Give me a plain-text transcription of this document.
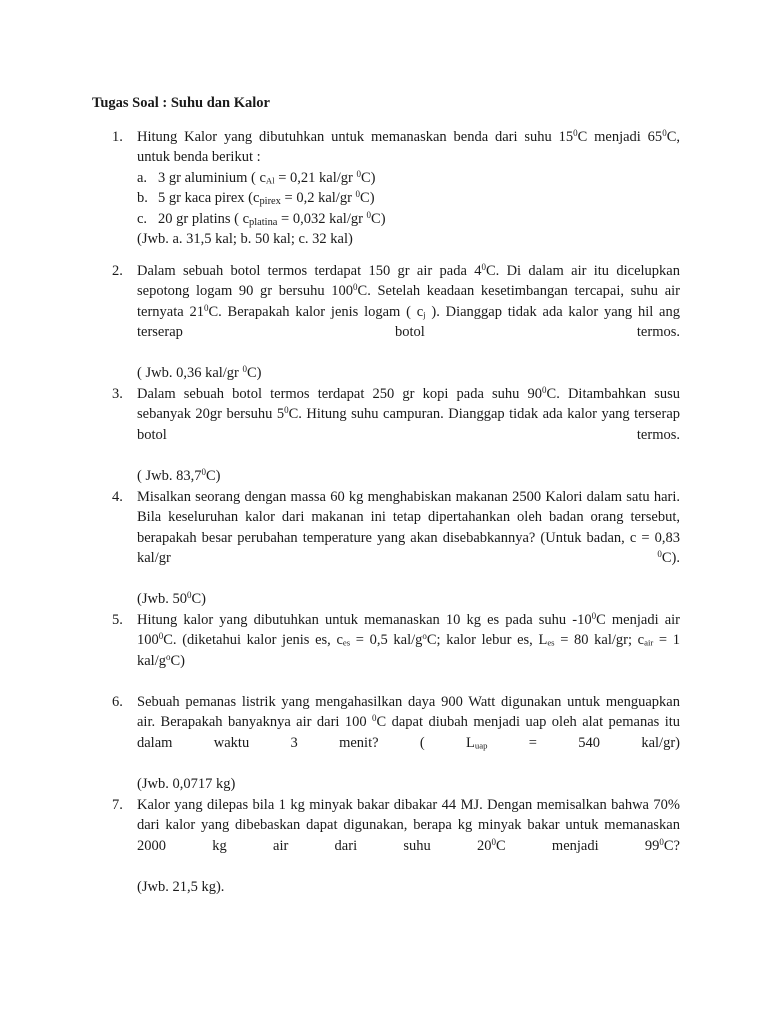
Tugas Soal : Suhu dan Kalor
1. Hitung Kalor yang dibutuhkan untuk memanaskan benda dari suhu $15^0C$ menjadi $65^0C$,
untuk benda berikut :
a. 3 gr aluminium ( $c_{Al} = 0,21$ kal/gr $^0$C)
b. 5 gr kaca pirex ($c_{pirex} = 0,2$ kal/gr $^0$C)
c. 20 gr platins ( $c_{platina} = 0,032$ kal/gr $^0$C)
(Jwb. a. 31,5 kal; b. 50 kal; c. 32 kal)
2. Dalam sebuah botol termos terdapat 150 gr air pada $4^0C$. Di dalam air itu dicelupkan sepotong logam 90 gr bersuhu $100^0C$. Setelah keadaan kesetimbangan tercapai, suhu air ternyata $21^0C$. Berapakah kalor jenis logam ( $c_j$ ). Dianggap tidak ada kalor yang hil ang terserap botol termos.
( Jwb. 0,36 kal/gr $^0$C)
3. Dalam sebuah botol termos terdapat 250 gr kopi pada suhu $90^0C$. Ditambahkan susu sebanyak 20gr bersuhu $5^0C$. Hitung suhu campuran. Dianggap tidak ada kalor yang terserap botol termos.
( Jwb. 83,7$^0$C)
4. Misalkan seorang dengan massa 60 kg menghabiskan makanan 2500 Kalori dalam satu hari. Bila keseluruhan kalor dari makanan ini tetap dipertahankan oleh badan orang tersebut, berapakah besar perubahan temperature yang akan disebabkannya? (Untuk badan, c = 0,83 kal/gr $^0$C).
(Jwb. $50^0C$)
5. Hitung kalor yang dibutuhkan untuk memanaskan 10 kg es pada suhu $-10^0C$ menjadi air $100^0C$. (diketahui kalor jenis es, $c_{es} = 0,5$ kal/$g^oC$; kalor lebur es, $L_{es} = 80$ kal/gr; $c_{air} = 1$ kal/$g^oC$)
6. Sebuah pemanas listrik yang mengahasilkan daya 900 Watt digunakan untuk menguapkan air. Berapakah banyaknya air dari 100 $^0$C dapat diubah menjadi uap oleh alat pemanas itu dalam waktu 3 menit? ( $L_{uap} = 540$ kal/gr)
(Jwb. 0,0717 kg)
7. Kalor yang dilepas bila 1 kg minyak bakar dibakar 44 MJ. Dengan memisalkan bahwa 70% dari kalor yang dibebaskan dapat digunakan, berapa kg minyak bakar untuk memanaskan 2000 kg air dari suhu $20^0C$ menjadi $99^0C$?
(Jwb. 21,5 kg).
